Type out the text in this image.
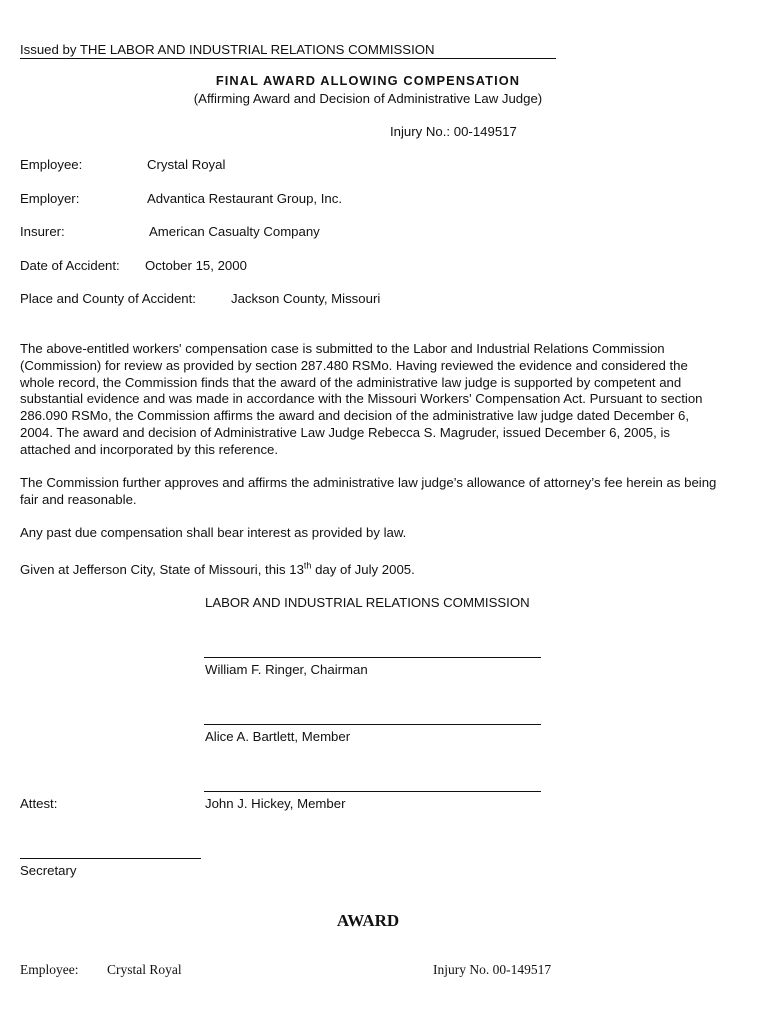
Issued by THE LABOR AND INDUSTRIAL RELATIONS COMMISSION
FINAL AWARD ALLOWING COMPENSATION
(Affirming Award and Decision of Administrative Law Judge)
Injury No.: 00-149517
Employee:	Crystal Royal
Employer:	Advantica Restaurant Group, Inc.
Insurer:	American Casualty Company
Date of Accident: October 15, 2000
Place and County of Accident:	Jackson County, Missouri

The above-entitled workers' compensation case is submitted to the Labor and Industrial Relations Commission (Commission) for review as provided by section 287.480 RSMo. Having reviewed the evidence and considered the whole record, the Commission finds that the award of the administrative law judge is supported by competent and substantial evidence and was made in accordance with the Missouri Workers' Compensation Act. Pursuant to section 286.090 RSMo, the Commission affirms the award and decision of the administrative law judge dated December 6, 2004. The award and decision of Administrative Law Judge Rebecca S. Magruder, issued December 6, 2005, is attached and incorporated by this reference.

The Commission further approves and affirms the administrative law judge’s allowance of attorney’s fee herein as being fair and reasonable.

Any past due compensation shall bear interest as provided by law.

Given at Jefferson City, State of Missouri, this 13th day of July 2005.

LABOR AND INDUSTRIAL RELATIONS COMMISSION
William F. Ringer, Chairman
Alice A. Bartlett, Member
Attest:	John J. Hickey, Member
Secretary
AWARD
Employee: Crystal Royal	Injury No. 00-149517
